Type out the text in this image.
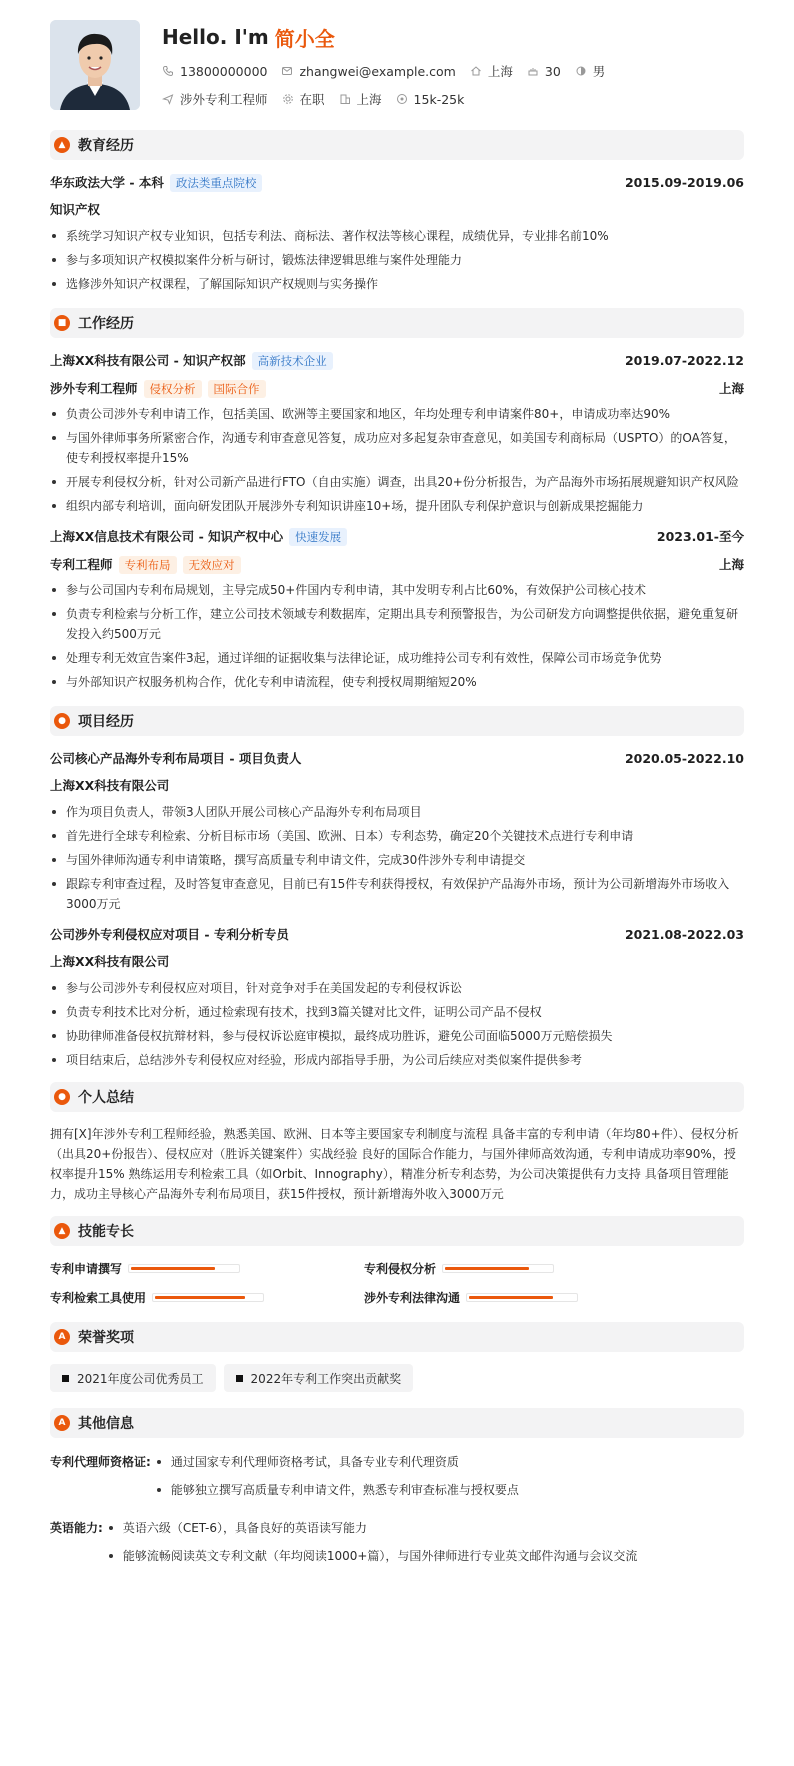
Hello. I'm 简小全
13800000000	zhangwei@example.com	上海	30	男
涉外专利工程师	在职	上海	15k-25k
▲ 教育经历
华东政法大学 - 本科 政法类重点院校	2015.09-2019.06
知识产权
系统学习知识产权专业知识，包括专利法、商标法、著作权法等核心课程，成绩优异，专业排名前10%
参与多项知识产权模拟案件分析与研讨，锻炼法律逻辑思维与案件处理能力
选修涉外知识产权课程，了解国际知识产权规则与实务操作
■ 工作经历
上海XX科技有限公司 - 知识产权部 高新技术企业	2019.07-2022.12
涉外专利工程师 侵权分析 国际合作	上海
负责公司涉外专利申请工作，包括美国、欧洲等主要国家和地区，年均处理专利申请案件80+，申请成功率达90%
与国外律师事务所紧密合作，沟通专利审查意见答复，成功应对多起复杂审查意见，如美国专利商标局（USPTO）的OA答复，使专利授权率提升15%
开展专利侵权分析，针对公司新产品进行FTO（自由实施）调查，出具20+份分析报告，为产品海外市场拓展规避知识产权风险
组织内部专利培训，面向研发团队开展涉外专利知识讲座10+场，提升团队专利保护意识与创新成果挖掘能力
上海XX信息技术有限公司 - 知识产权中心 快速发展	2023.01-至今
专利工程师 专利布局 无效应对	上海
参与公司国内专利布局规划，主导完成50+件国内专利申请，其中发明专利占比60%，有效保护公司核心技术
负责专利检索与分析工作，建立公司技术领域专利数据库，定期出具专利预警报告，为公司研发方向调整提供依据，避免重复研发投入约500万元
处理专利无效宣告案件3起，通过详细的证据收集与法律论证，成功维持公司专利有效性，保障公司市场竞争优势
与外部知识产权服务机构合作，优化专利申请流程，使专利授权周期缩短20%
● 项目经历
公司核心产品海外专利布局项目 - 项目负责人	2020.05-2022.10
上海XX科技有限公司
作为项目负责人，带领3人团队开展公司核心产品海外专利布局项目
首先进行全球专利检索、分析目标市场（美国、欧洲、日本）专利态势，确定20个关键技术点进行专利申请
与国外律师沟通专利申请策略，撰写高质量专利申请文件，完成30件涉外专利申请提交
跟踪专利审查过程，及时答复审查意见，目前已有15件专利获得授权，有效保护产品海外市场，预计为公司新增海外市场收入3000万元
公司涉外专利侵权应对项目 - 专利分析专员	2021.08-2022.03
上海XX科技有限公司
参与公司涉外专利侵权应对项目，针对竞争对手在美国发起的专利侵权诉讼
负责专利技术比对分析，通过检索现有技术，找到3篇关键对比文件，证明公司产品不侵权
协助律师准备侵权抗辩材料，参与侵权诉讼庭审模拟，最终成功胜诉，避免公司面临5000万元赔偿损失
项目结束后，总结涉外专利侵权应对经验，形成内部指导手册，为公司后续应对类似案件提供参考
● 个人总结
拥有[X]年涉外专利工程师经验，熟悉美国、欧洲、日本等主要国家专利制度与流程 具备丰富的专利申请（年均80+件）、侵权分析（出具20+份报告）、侵权应对（胜诉关键案件）实战经验 良好的国际合作能力，与国外律师高效沟通，专利申请成功率90%，授权率提升15% 熟练运用专利检索工具（如Orbit、Innography），精准分析专利态势，为公司决策提供有力支持 具备项目管理能力，成功主导核心产品海外专利布局项目，获15件授权，预计新增海外收入3000万元
▲ 技能专长
专利申请撰写	专利侵权分析
专利检索工具使用	涉外专利法律沟通
A 荣誉奖项
2021年度公司优秀员工	2022年专利工作突出贡献奖
A 其他信息
专利代理师资格证:	通过国家专利代理师资格考试，具备专业专利代理资质
能够独立撰写高质量专利申请文件，熟悉专利审查标准与授权要点
英语能力:	英语六级（CET-6），具备良好的英语读写能力
能够流畅阅读英文专利文献（年均阅读1000+篇），与国外律师进行专业英文邮件沟通与会议交流
